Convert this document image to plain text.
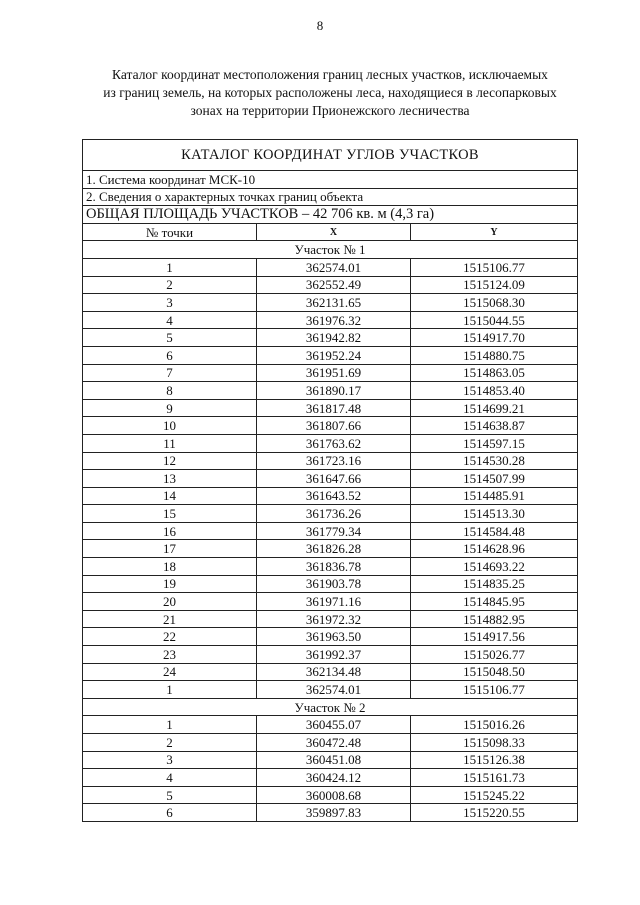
8
Каталог координат местоположения границ лесных участков, исключаемых
из границ земель, на которых расположены леса, находящиеся в лесопарковых
зонах на территории Прионежского лесничества
КАТАЛОГ КООРДИНАТ УГЛОВ УЧАСТКОВ		
1. Система координат МСК-10		
2. Сведения о характерных точках границ объекта		
ОБЩАЯ ПЛОЩАДЬ УЧАСТКОВ – 42 706 кв. м (4,3 га)		
№ точки	X	Y
Участок № 1		
1	362574.01	1515106.77
2	362552.49	1515124.09
3	362131.65	1515068.30
4	361976.32	1515044.55
5	361942.82	1514917.70
6	361952.24	1514880.75
7	361951.69	1514863.05
8	361890.17	1514853.40
9	361817.48	1514699.21
10	361807.66	1514638.87
11	361763.62	1514597.15
12	361723.16	1514530.28
13	361647.66	1514507.99
14	361643.52	1514485.91
15	361736.26	1514513.30
16	361779.34	1514584.48
17	361826.28	1514628.96
18	361836.78	1514693.22
19	361903.78	1514835.25
20	361971.16	1514845.95
21	361972.32	1514882.95
22	361963.50	1514917.56
23	361992.37	1515026.77
24	362134.48	1515048.50
1	362574.01	1515106.77
Участок № 2		
1	360455.07	1515016.26
2	360472.48	1515098.33
3	360451.08	1515126.38
4	360424.12	1515161.73
5	360008.68	1515245.22
6	359897.83	1515220.55
